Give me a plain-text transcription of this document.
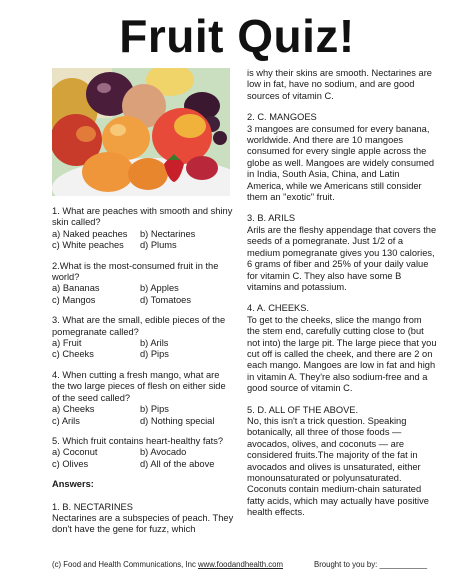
Fruit Quiz!

1. What are peaches with smooth and shiny skin called?

a) Naked peaches	b) Nectarines
c) White peaches	d) Plums

2.What is the most-consumed fruit in the world?

a) Bananas	b) Apples
c) Mangos	d) Tomatoes

3. What are the small, edible pieces of the pomegranate called?

a) Fruit	b) Arils
c) Cheeks	d) Pips

4. When cutting a fresh mango, what are the two large pieces of flesh on either side of the seed called?

a) Cheeks	b) Pips
c) Arils	d) Nothing special

5. Which fruit contains heart-healthy fats?

a) Coconut	b) Avocado
c) Olives	d) All of the above
Answers:

1. B. NECTARINES

Nectarines are a subspecies of peach. They don't have the gene for fuzz, which

is why their skins are smooth. Nectarines are low in fat, have no sodium, and are good sources of vitamin C.

2. C. MANGOES

3 mangoes are consumed for every banana, worldwide. And there are 10 mangoes consumed for every single apple across the globe as well. Mangoes are widely consumed in India, South Asia, China, and Latin America, while we Americans still consider them an "exotic" fruit.

3. B. ARILS

Arils are the fleshy appendage that covers the seeds of a pomegranate. Just 1/2 of a medium pomegranate gives you 130 calories, 6 grams of fiber and 25% of your daily value for vitamin C. They also have some B vitamins and potassium.

4. A. CHEEKS.

To get to the cheeks, slice the mango from the stem end, carefully cutting close to (but not into) the large pit. The large piece that you cut off is called the cheek, and there are 2 on each mango. Mangoes are low in fat and high in vitamin A. They're also sodium-free and a good source of vitamin C.

5. D. ALL OF THE ABOVE.

No, this isn't a trick question. Speaking botanically, all three of those foods — avocados, olives, and coconuts — are considered fruits.The majority of the fat in avocados and olives is unsaturated, either monounsaturated or polyunsaturated. Coconuts contain medium-chain saturated fatty acids, which may actually have positive health effects.

(c) Food and Health Communications, Inc www.foodandhealth.com	Brought to you by: ___________
